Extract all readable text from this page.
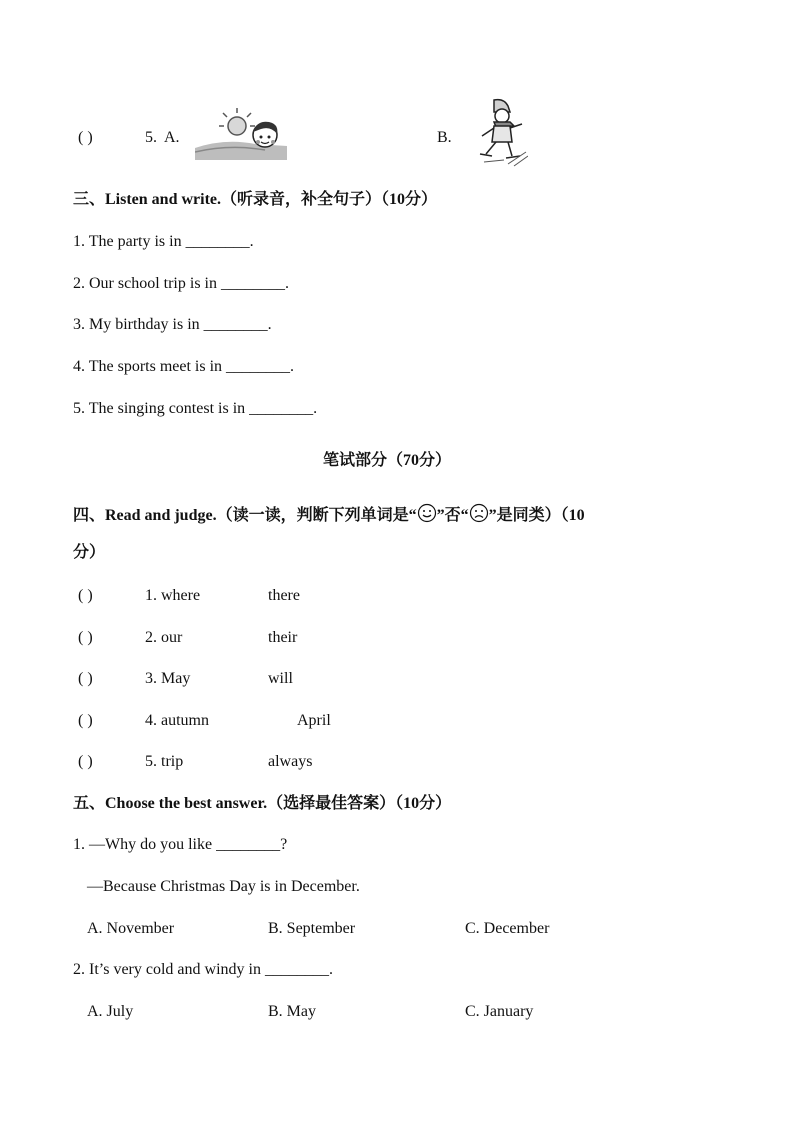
( )	5. A.	B.
三、Listen and write.（听录音，补全句子）（10分）
1. The party is in ________.
2. Our school trip is in ________.
3. My birthday is in ________.
4. The sports meet is in ________.
5. The singing contest is in ________.
笔试部分（70分）
四、Read and judge.（读一读，判断下列单词是“ ”否“ ”是同类）（10
分）
( )	1. where	there
( )	2. our	their
( )	3. May	will
( )	4. autumn	April
( )	5. trip	always
五、Choose the best answer.（选择最佳答案）（10分）
1. —Why do you like ________?
—Because Christmas Day is in December.
A. November	B. September	C. December
2. It’s very cold and windy in ________.
A. July	B. May	C. January
